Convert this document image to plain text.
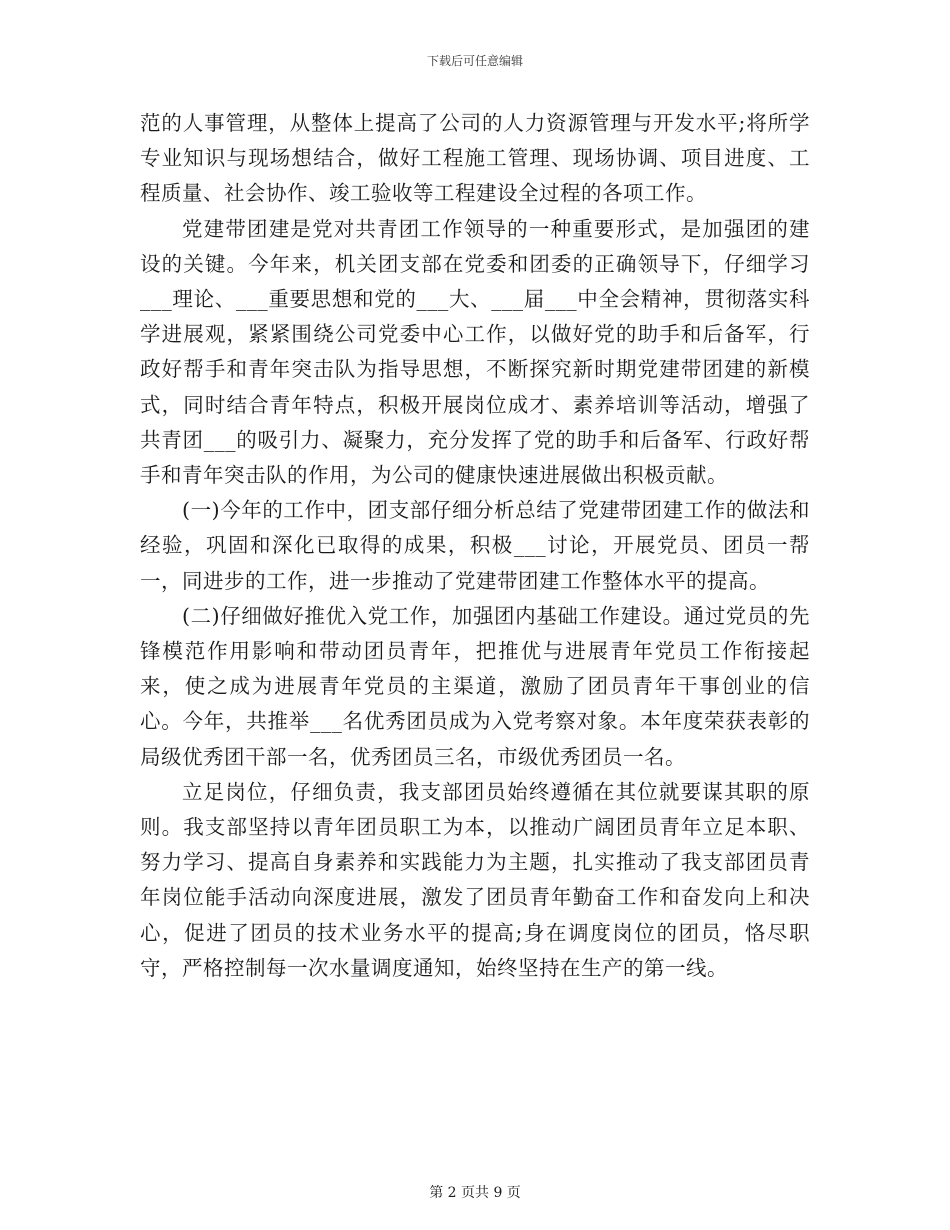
下载后可任意编辑

范的人事管理，从整体上提高了公司的人力资源管理与开发水平;将所学专业知识与现场想结合，做好工程施工管理、现场协调、项目进度、工程质量、社会协作、竣工验收等工程建设全过程的各项工作。

党建带团建是党对共青团工作领导的一种重要形式，是加强团的建设的关键。今年来，机关团支部在党委和团委的正确领导下，仔细学习___理论、___重要思想和党的___大、___届___中全会精神，贯彻落实科学进展观，紧紧围绕公司党委中心工作，以做好党的助手和后备军，行政好帮手和青年突击队为指导思想，不断探究新时期党建带团建的新模式，同时结合青年特点，积极开展岗位成才、素养培训等活动，增强了共青团___的吸引力、凝聚力，充分发挥了党的助手和后备军、行政好帮手和青年突击队的作用，为公司的健康快速进展做出积极贡献。

(一)今年的工作中，团支部仔细分析总结了党建带团建工作的做法和经验，巩固和深化已取得的成果，积极___讨论，开展党员、团员一帮一，同进步的工作，进一步推动了党建带团建工作整体水平的提高。

(二)仔细做好推优入党工作，加强团内基础工作建设。通过党员的先锋模范作用影响和带动团员青年，把推优与进展青年党员工作衔接起来，使之成为进展青年党员的主渠道，激励了团员青年干事创业的信心。今年，共推举___名优秀团员成为入党考察对象。本年度荣获表彰的局级优秀团干部一名，优秀团员三名，市级优秀团员一名。

立足岗位，仔细负责，我支部团员始终遵循在其位就要谋其职的原则。我支部坚持以青年团员职工为本，以推动广阔团员青年立足本职、努力学习、提高自身素养和实践能力为主题，扎实推动了我支部团员青年岗位能手活动向深度进展，激发了团员青年勤奋工作和奋发向上和决心，促进了团员的技术业务水平的提高;身在调度岗位的团员，恪尽职守，严格控制每一次水量调度通知，始终坚持在生产的第一线。

第 2 页共 9 页
